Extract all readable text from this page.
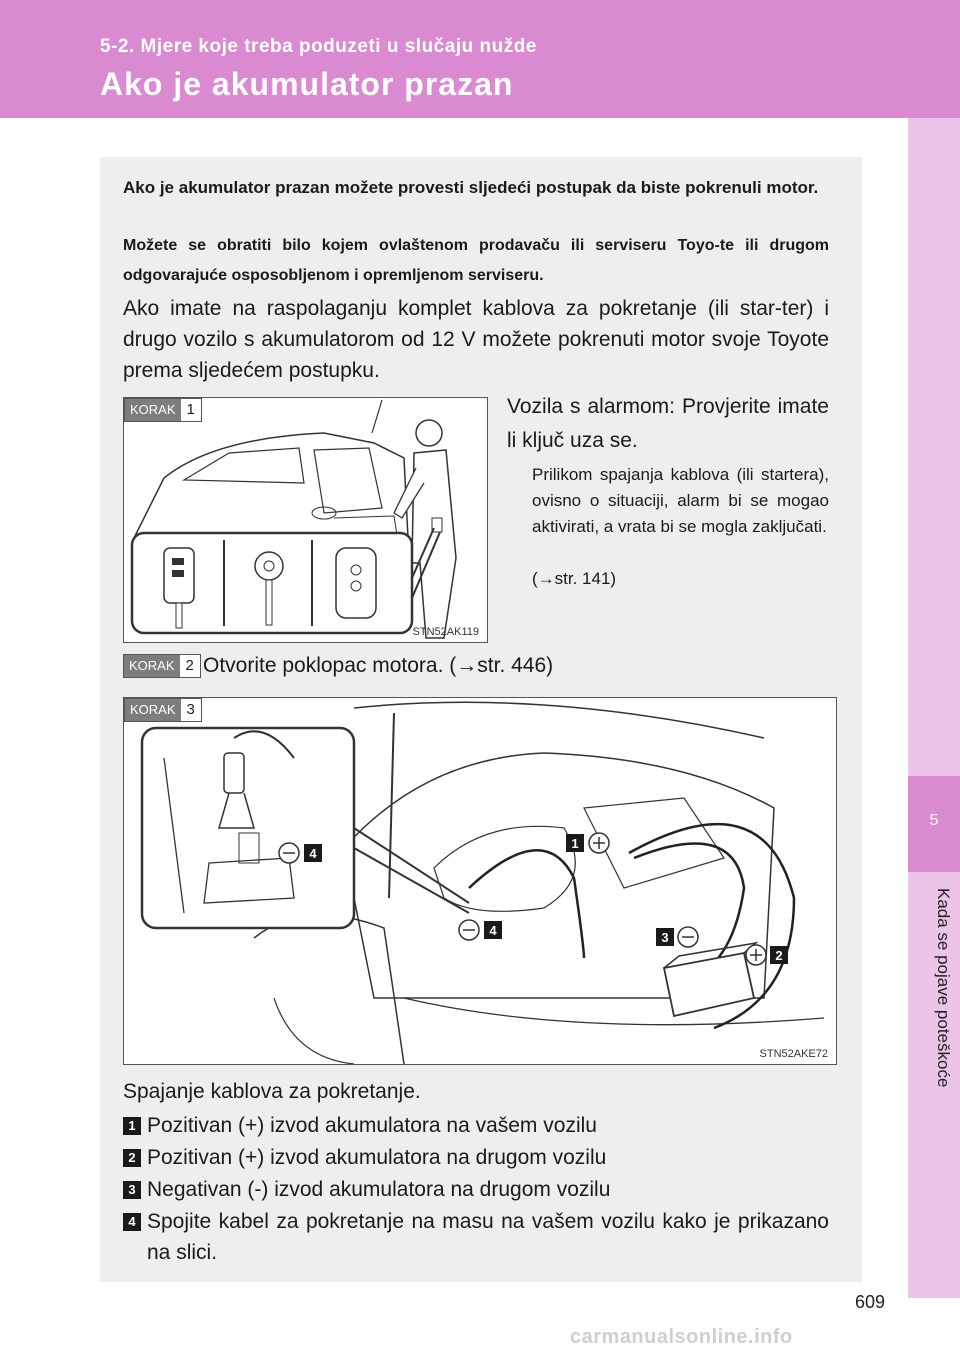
5-2. Mjere koje treba poduzeti u slučaju nužde
Ako je akumulator prazan
5
Kada se pojave poteškoće
Ako je akumulator prazan možete provesti sljedeći postupak da biste pokrenuli motor.
Možete se obratiti bilo kojem ovlaštenom prodavaču ili serviseru Toyo-te ili drugom odgovarajuće osposobljenom i opremljenom serviseru.
Ako imate na raspolaganju komplet kablova za pokretanje (ili star-ter) i drugo vozilo s akumulatorom od 12 V možete pokrenuti motor svoje Toyote prema sljedećem postupku.
KORAK 1
STN52AK119
Vozila s alarmom: Provjerite imate li ključ uza se.
Prilikom spajanja kablova (ili startera), ovisno o situaciji, alarm bi se mogao aktivirati, a vrata bi se mogla zaključati.
(→str. 141)
KORAK 2 Otvorite poklopac motora. (→str. 446)
1
2
3
4
4
KORAK 3
STN52AKE72
Spajanje kablova za pokretanje.
1 Pozitivan (+) izvod akumulatora na vašem vozilu
2 Pozitivan (+) izvod akumulatora na drugom vozilu
3 Negativan (-) izvod akumulatora na drugom vozilu
4 Spojite kabel za pokretanje na masu na vašem vozilu kako je prikazano na slici.
609
carmanualsonline.info
